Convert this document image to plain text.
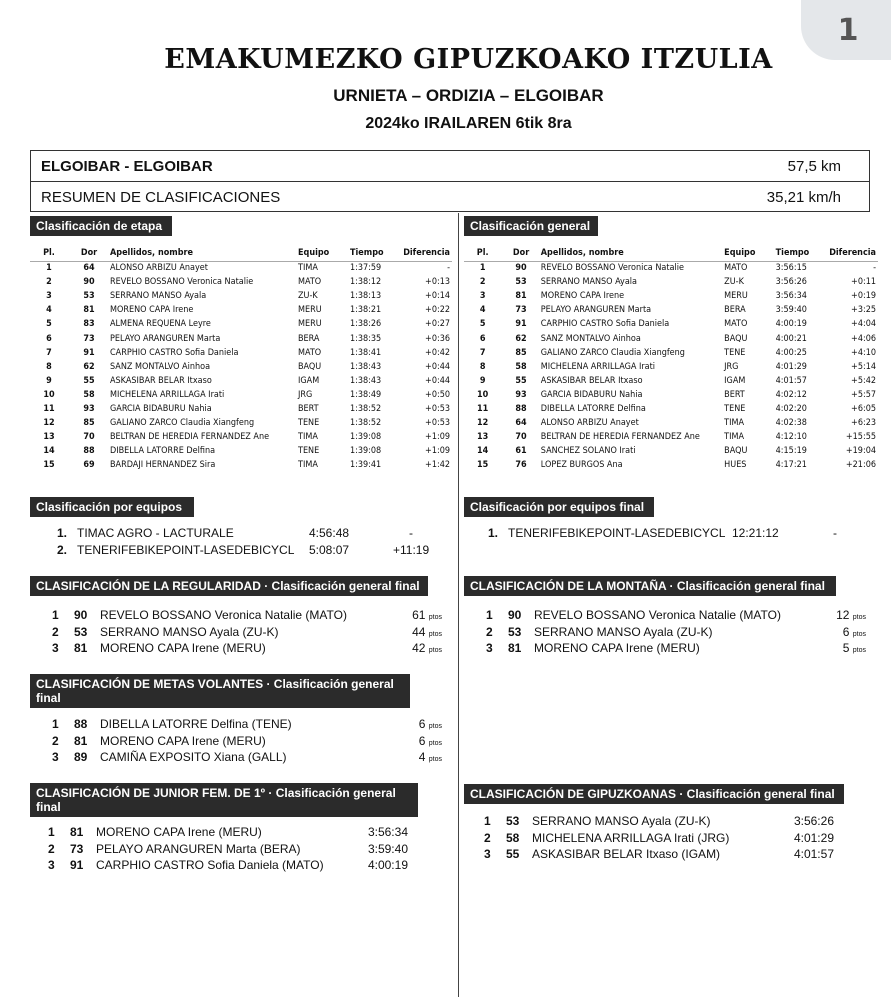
1
EMAKUMEZKO GIPUZKOAKO ITZULIA
URNIETA – ORDIZIA – ELGOIBAR
2024ko IRAILAREN 6tik 8ra
ELGOIBAR - ELGOIBAR	57,5 km
RESUMEN DE CLASIFICACIONES	35,21 km/h
Clasificación de etapa
Pl.	Dor	Apellidos, nombre	Equipo	Tiempo	Diferencia
1	64	ALONSO ARBIZU Anayet	TIMA	1:37:59	-
2	90	REVELO BOSSANO Veronica Natalie	MATO	1:38:12	+0:13
3	53	SERRANO MANSO Ayala	ZU-K	1:38:13	+0:14
4	81	MORENO CAPA Irene	MERU	1:38:21	+0:22
5	83	ALMENA REQUENA Leyre	MERU	1:38:26	+0:27
6	73	PELAYO ARANGUREN Marta	BERA	1:38:35	+0:36
7	91	CARPHIO CASTRO Sofia Daniela	MATO	1:38:41	+0:42
8	62	SANZ MONTALVO Ainhoa	BAQU	1:38:43	+0:44
9	55	ASKASIBAR BELAR Itxaso	IGAM	1:38:43	+0:44
10	58	MICHELENA ARRILLAGA Irati	JRG	1:38:49	+0:50
11	93	GARCIA BIDABURU Nahia	BERT	1:38:52	+0:53
12	85	GALIANO ZARCO Claudia Xiangfeng	TENE	1:38:52	+0:53
13	70	BELTRAN DE HEREDIA FERNANDEZ Ane	TIMA	1:39:08	+1:09
14	88	DIBELLA LATORRE Delfina	TENE	1:39:08	+1:09
15	69	BARDAJI HERNANDEZ Sira	TIMA	1:39:41	+1:42
Clasificación general
Pl.	Dor	Apellidos, nombre	Equipo	Tiempo	Diferencia
1	90	REVELO BOSSANO Veronica Natalie	MATO	3:56:15	-
2	53	SERRANO MANSO Ayala	ZU-K	3:56:26	+0:11
3	81	MORENO CAPA Irene	MERU	3:56:34	+0:19
4	73	PELAYO ARANGUREN Marta	BERA	3:59:40	+3:25
5	91	CARPHIO CASTRO Sofia Daniela	MATO	4:00:19	+4:04
6	62	SANZ MONTALVO Ainhoa	BAQU	4:00:21	+4:06
7	85	GALIANO ZARCO Claudia Xiangfeng	TENE	4:00:25	+4:10
8	58	MICHELENA ARRILLAGA Irati	JRG	4:01:29	+5:14
9	55	ASKASIBAR BELAR Itxaso	IGAM	4:01:57	+5:42
10	93	GARCIA BIDABURU Nahia	BERT	4:02:12	+5:57
11	88	DIBELLA LATORRE Delfina	TENE	4:02:20	+6:05
12	64	ALONSO ARBIZU Anayet	TIMA	4:02:38	+6:23
13	70	BELTRAN DE HEREDIA FERNANDEZ Ane	TIMA	4:12:10	+15:55
14	61	SANCHEZ SOLANO Irati	BAQU	4:15:19	+19:04
15	76	LOPEZ BURGOS Ana	HUES	4:17:21	+21:06
Clasificación por equipos
1. TIMAC AGRO - LACTURALE	4:56:48	-
2. TENERIFEBIKEPOINT-LASEDEBICYCL 5:08:07	+11:19
Clasificación por equipos final
1. TENERIFEBIKEPOINT-LASEDEBICYCL 12:21:12	-
CLASIFICACIÓN DE LA REGULARIDAD · Clasificación general final
1	90	REVELO BOSSANO Veronica Natalie (MATO)	61 ptos
2	53	SERRANO MANSO Ayala (ZU-K)	44 ptos
3	81	MORENO CAPA Irene (MERU)	42 ptos
CLASIFICACIÓN DE LA MONTAÑA · Clasificación general final
1	90	REVELO BOSSANO Veronica Natalie (MATO)	12 ptos
2	53	SERRANO MANSO Ayala (ZU-K)	6 ptos
3	81	MORENO CAPA Irene (MERU)	5 ptos
CLASIFICACIÓN DE METAS VOLANTES · Clasificación general final
1	88	DIBELLA LATORRE Delfina (TENE)	6 ptos
2	81	MORENO CAPA Irene (MERU)	6 ptos
3	89	CAMIÑA EXPOSITO Xiana (GALL)	4 ptos
CLASIFICACIÓN DE JUNIOR FEM. DE 1º · Clasificación general final
1	81	MORENO CAPA Irene (MERU)	3:56:34
2	73	PELAYO ARANGUREN Marta (BERA)	3:59:40
3	91	CARPHIO CASTRO Sofia Daniela (MATO)	4:00:19
CLASIFICACIÓN DE GIPUZKOANAS · Clasificación general final
1	53	SERRANO MANSO Ayala (ZU-K)	3:56:26
2	58	MICHELENA ARRILLAGA Irati (JRG)	4:01:29
3	55	ASKASIBAR BELAR Itxaso (IGAM)	4:01:57
